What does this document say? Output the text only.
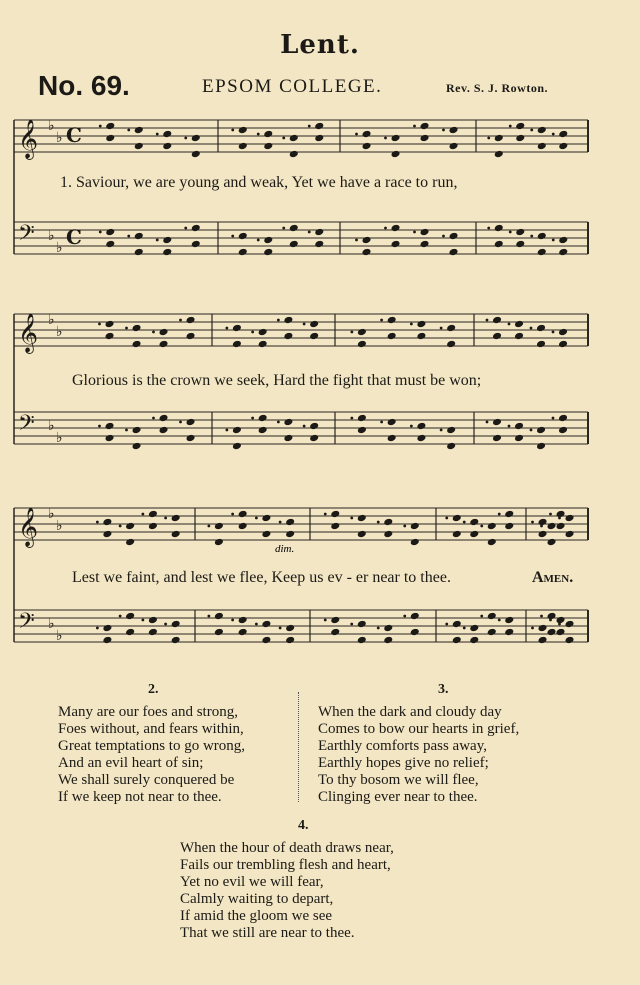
Lent.
No. 69.	EPSOM COLLEGE.	Rev. S. J. Rowton.
𝄞 ♭
♭ C
𝄢 ♭
♭ C
𝄞 ♭
♭
𝄢 ♭
♭
𝄞 ♭
♭
𝄢 ♭
♭
dim.
1. Saviour, we are young and weak, Yet we have a race to run,
Glorious is the crown we seek, Hard the fight that must be won;
Lest we faint, and lest we flee, Keep us ev - er near to thee.	Amen.
2.
Many are our foes and strong,
Foes without, and fears within,
Great temptations to go wrong,
And an evil heart of sin;
We shall surely conquered be
If we keep not near to thee.
3.
When the dark and cloudy day
Comes to bow our hearts in grief,
Earthly comforts pass away,
Earthly hopes give no relief;
To thy bosom we will flee,
Clinging ever near to thee.
4.
When the hour of death draws near,
Fails our trembling flesh and heart,
Yet no evil we will fear,
Calmly waiting to depart,
If amid the gloom we see
That we still are near to thee.
